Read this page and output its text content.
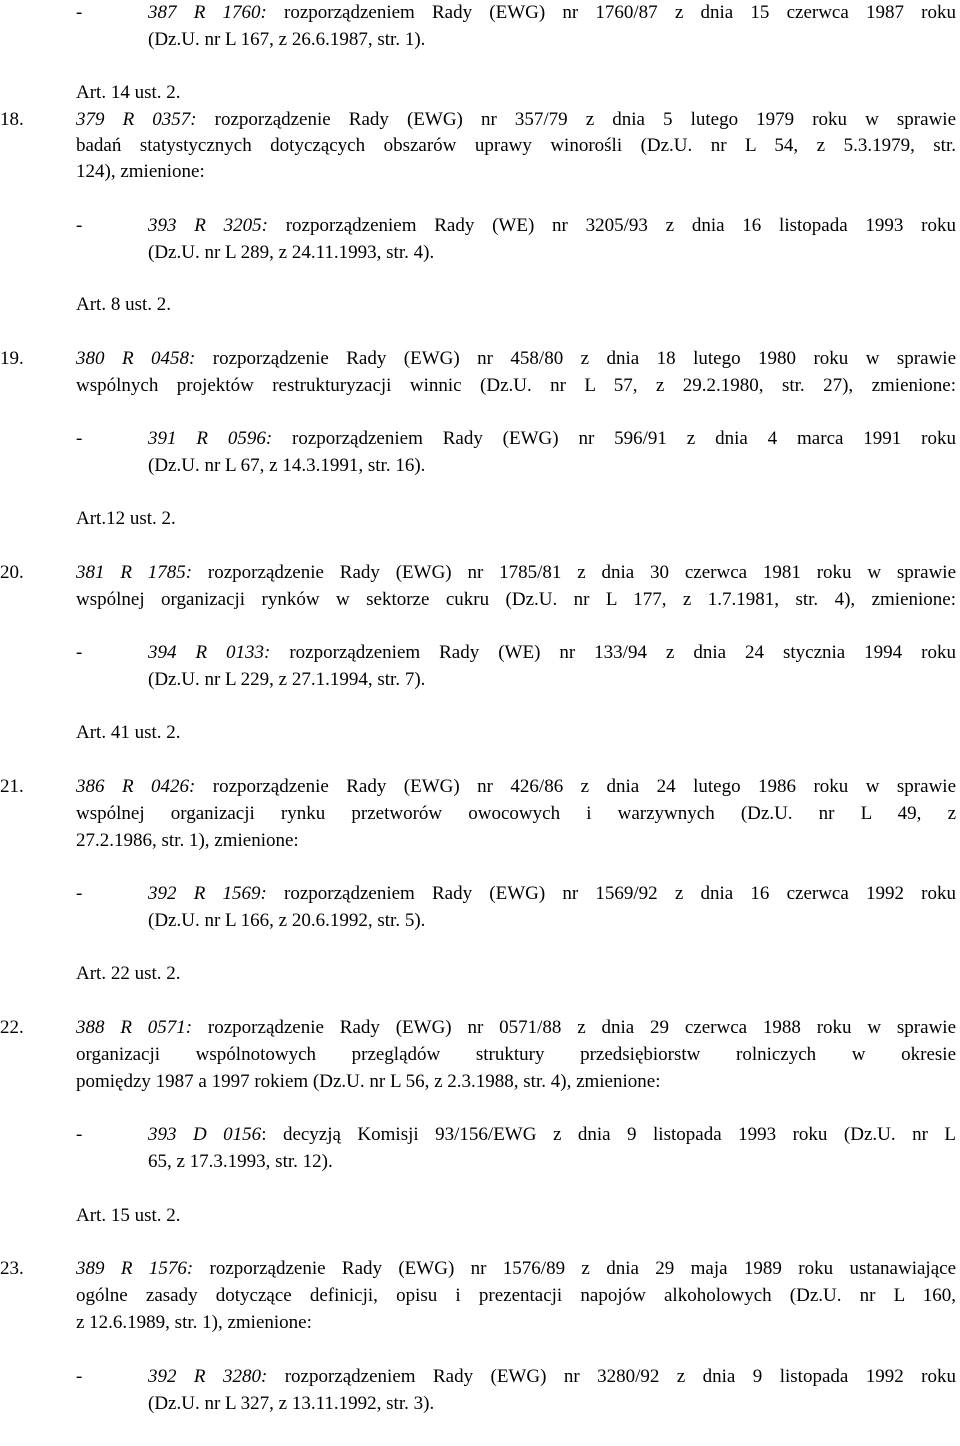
-	387 R 1760: rozporządzeniem Rady (EWG) nr 1760/87 z dnia 15 czerwca 1987 roku
(Dz.U. nr L 167, z 26.6.1987, str. 1).
Art. 14 ust. 2.
18.	379 R 0357: rozporządzenie Rady (EWG) nr 357/79 z dnia 5 lutego 1979 roku w sprawie
badań statystycznych dotyczących obszarów uprawy winorośli (Dz.U. nr L 54, z 5.3.1979, str.
124), zmienione:
-	393 R 3205: rozporządzeniem Rady (WE) nr 3205/93 z dnia 16 listopada 1993 roku
(Dz.U. nr L 289, z 24.11.1993, str. 4).
Art. 8 ust. 2.
19.	380 R 0458: rozporządzenie Rady (EWG) nr 458/80 z dnia 18 lutego 1980 roku w sprawie
wspólnych projektów restrukturyzacji winnic (Dz.U. nr L 57, z 29.2.1980, str. 27), zmienione:
-	391 R 0596: rozporządzeniem Rady (EWG) nr 596/91 z dnia 4 marca 1991 roku
(Dz.U. nr L 67, z 14.3.1991, str. 16).
Art.12 ust. 2.
20.	381 R 1785: rozporządzenie Rady (EWG) nr 1785/81 z dnia 30 czerwca 1981 roku w sprawie
wspólnej organizacji rynków w sektorze cukru (Dz.U. nr L 177, z 1.7.1981, str. 4), zmienione:
-	394 R 0133: rozporządzeniem Rady (WE) nr 133/94 z dnia 24 stycznia 1994 roku
(Dz.U. nr L 229, z 27.1.1994, str. 7).
Art. 41 ust. 2.
21.	386 R 0426: rozporządzenie Rady (EWG) nr 426/86 z dnia 24 lutego 1986 roku w sprawie
wspólnej organizacji rynku przetworów owocowych i warzywnych (Dz.U. nr L 49, z
27.2.1986, str. 1), zmienione:
-	392 R 1569: rozporządzeniem Rady (EWG) nr 1569/92 z dnia 16 czerwca 1992 roku
(Dz.U. nr L 166, z 20.6.1992, str. 5).
Art. 22 ust. 2.
22.	388 R 0571: rozporządzenie Rady (EWG) nr 0571/88 z dnia 29 czerwca 1988 roku w sprawie
organizacji wspólnotowych przeglądów struktury przedsiębiorstw rolniczych w okresie
pomiędzy 1987 a 1997 rokiem (Dz.U. nr L 56, z 2.3.1988, str. 4), zmienione:
-	393 D 0156: decyzją Komisji 93/156/EWG z dnia 9 listopada 1993 roku (Dz.U. nr L
65, z 17.3.1993, str. 12).
Art. 15 ust. 2.
23.	389 R 1576: rozporządzenie Rady (EWG) nr 1576/89 z dnia 29 maja 1989 roku ustanawiające
ogólne zasady dotyczące definicji, opisu i prezentacji napojów alkoholowych (Dz.U. nr L 160,
z 12.6.1989, str. 1), zmienione:
-	392 R 3280: rozporządzeniem Rady (EWG) nr 3280/92 z dnia 9 listopada 1992 roku
(Dz.U. nr L 327, z 13.11.1992, str. 3).
